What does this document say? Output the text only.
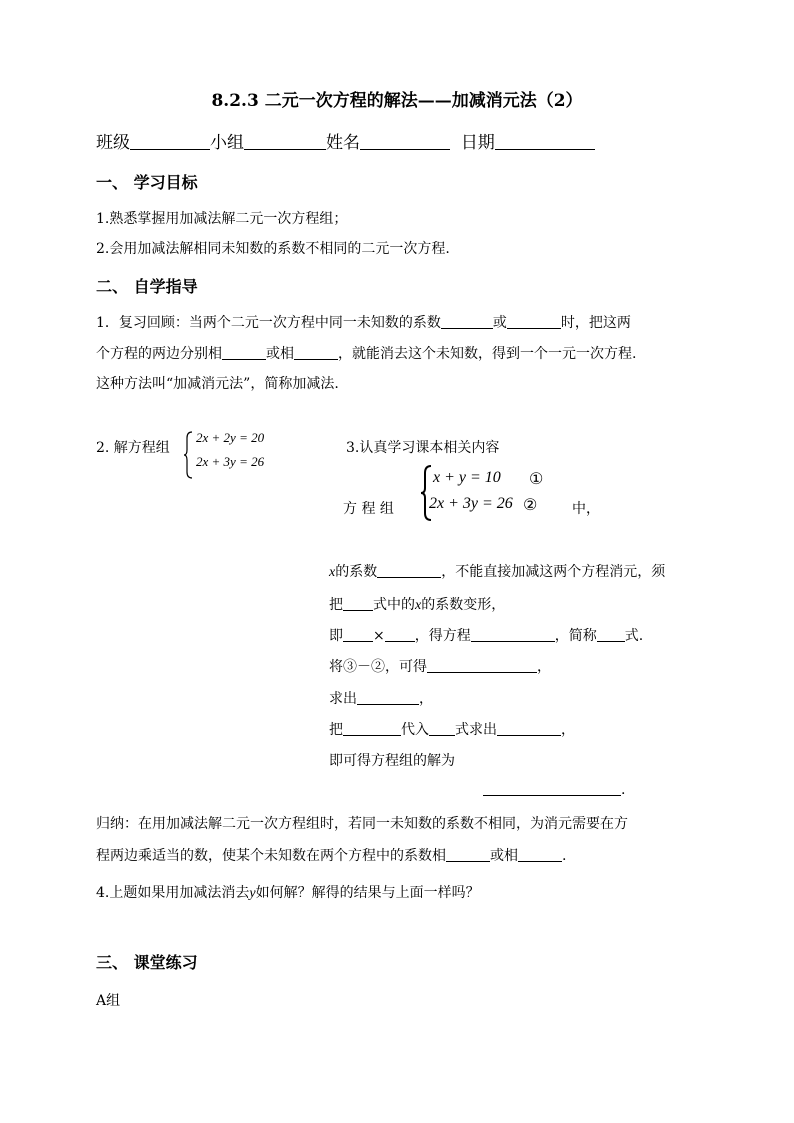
8.2.3 二元一次方程的解法——加减消元法（2）
班级	小组	姓名	日期
一、 学习目标
1.熟悉掌握用加减法解二元一次方程组；
2.会用加减法解相同未知数的系数不相同的二元一次方程.
二、 自学指导
1．复习回顾：当两个二元一次方程中同一未知数的系数	或	时，把这两
个方程的两边分别相	或相	，就能消去这个未知数，得到一个一元一次方程.
这种方法叫“加减消元法”，简称加减法.
2. 解方程组
2x + 2y = 20
2x + 3y = 26
3.认真学习课本相关内容
方 程 组
x + y = 10 ①
2x + 3y = 26 ② 中，
x的系数	，不能直接加减这两个方程消元，须
把 式中的x的系数变形，
即 × ，得方程	，简称 式.
将③－②，可得	，
求出	，
把	代入 式求出	，
即可得方程组的解为
.
归纳：在用加减法解二元一次方程组时，若同一未知数的系数不相同，为消元需要在方
程两边乘适当的数，使某个未知数在两个方程中的系数相	或相	.
4.上题如果用加减法消去y如何解？解得的结果与上面一样吗？
三、 课堂练习
A组
